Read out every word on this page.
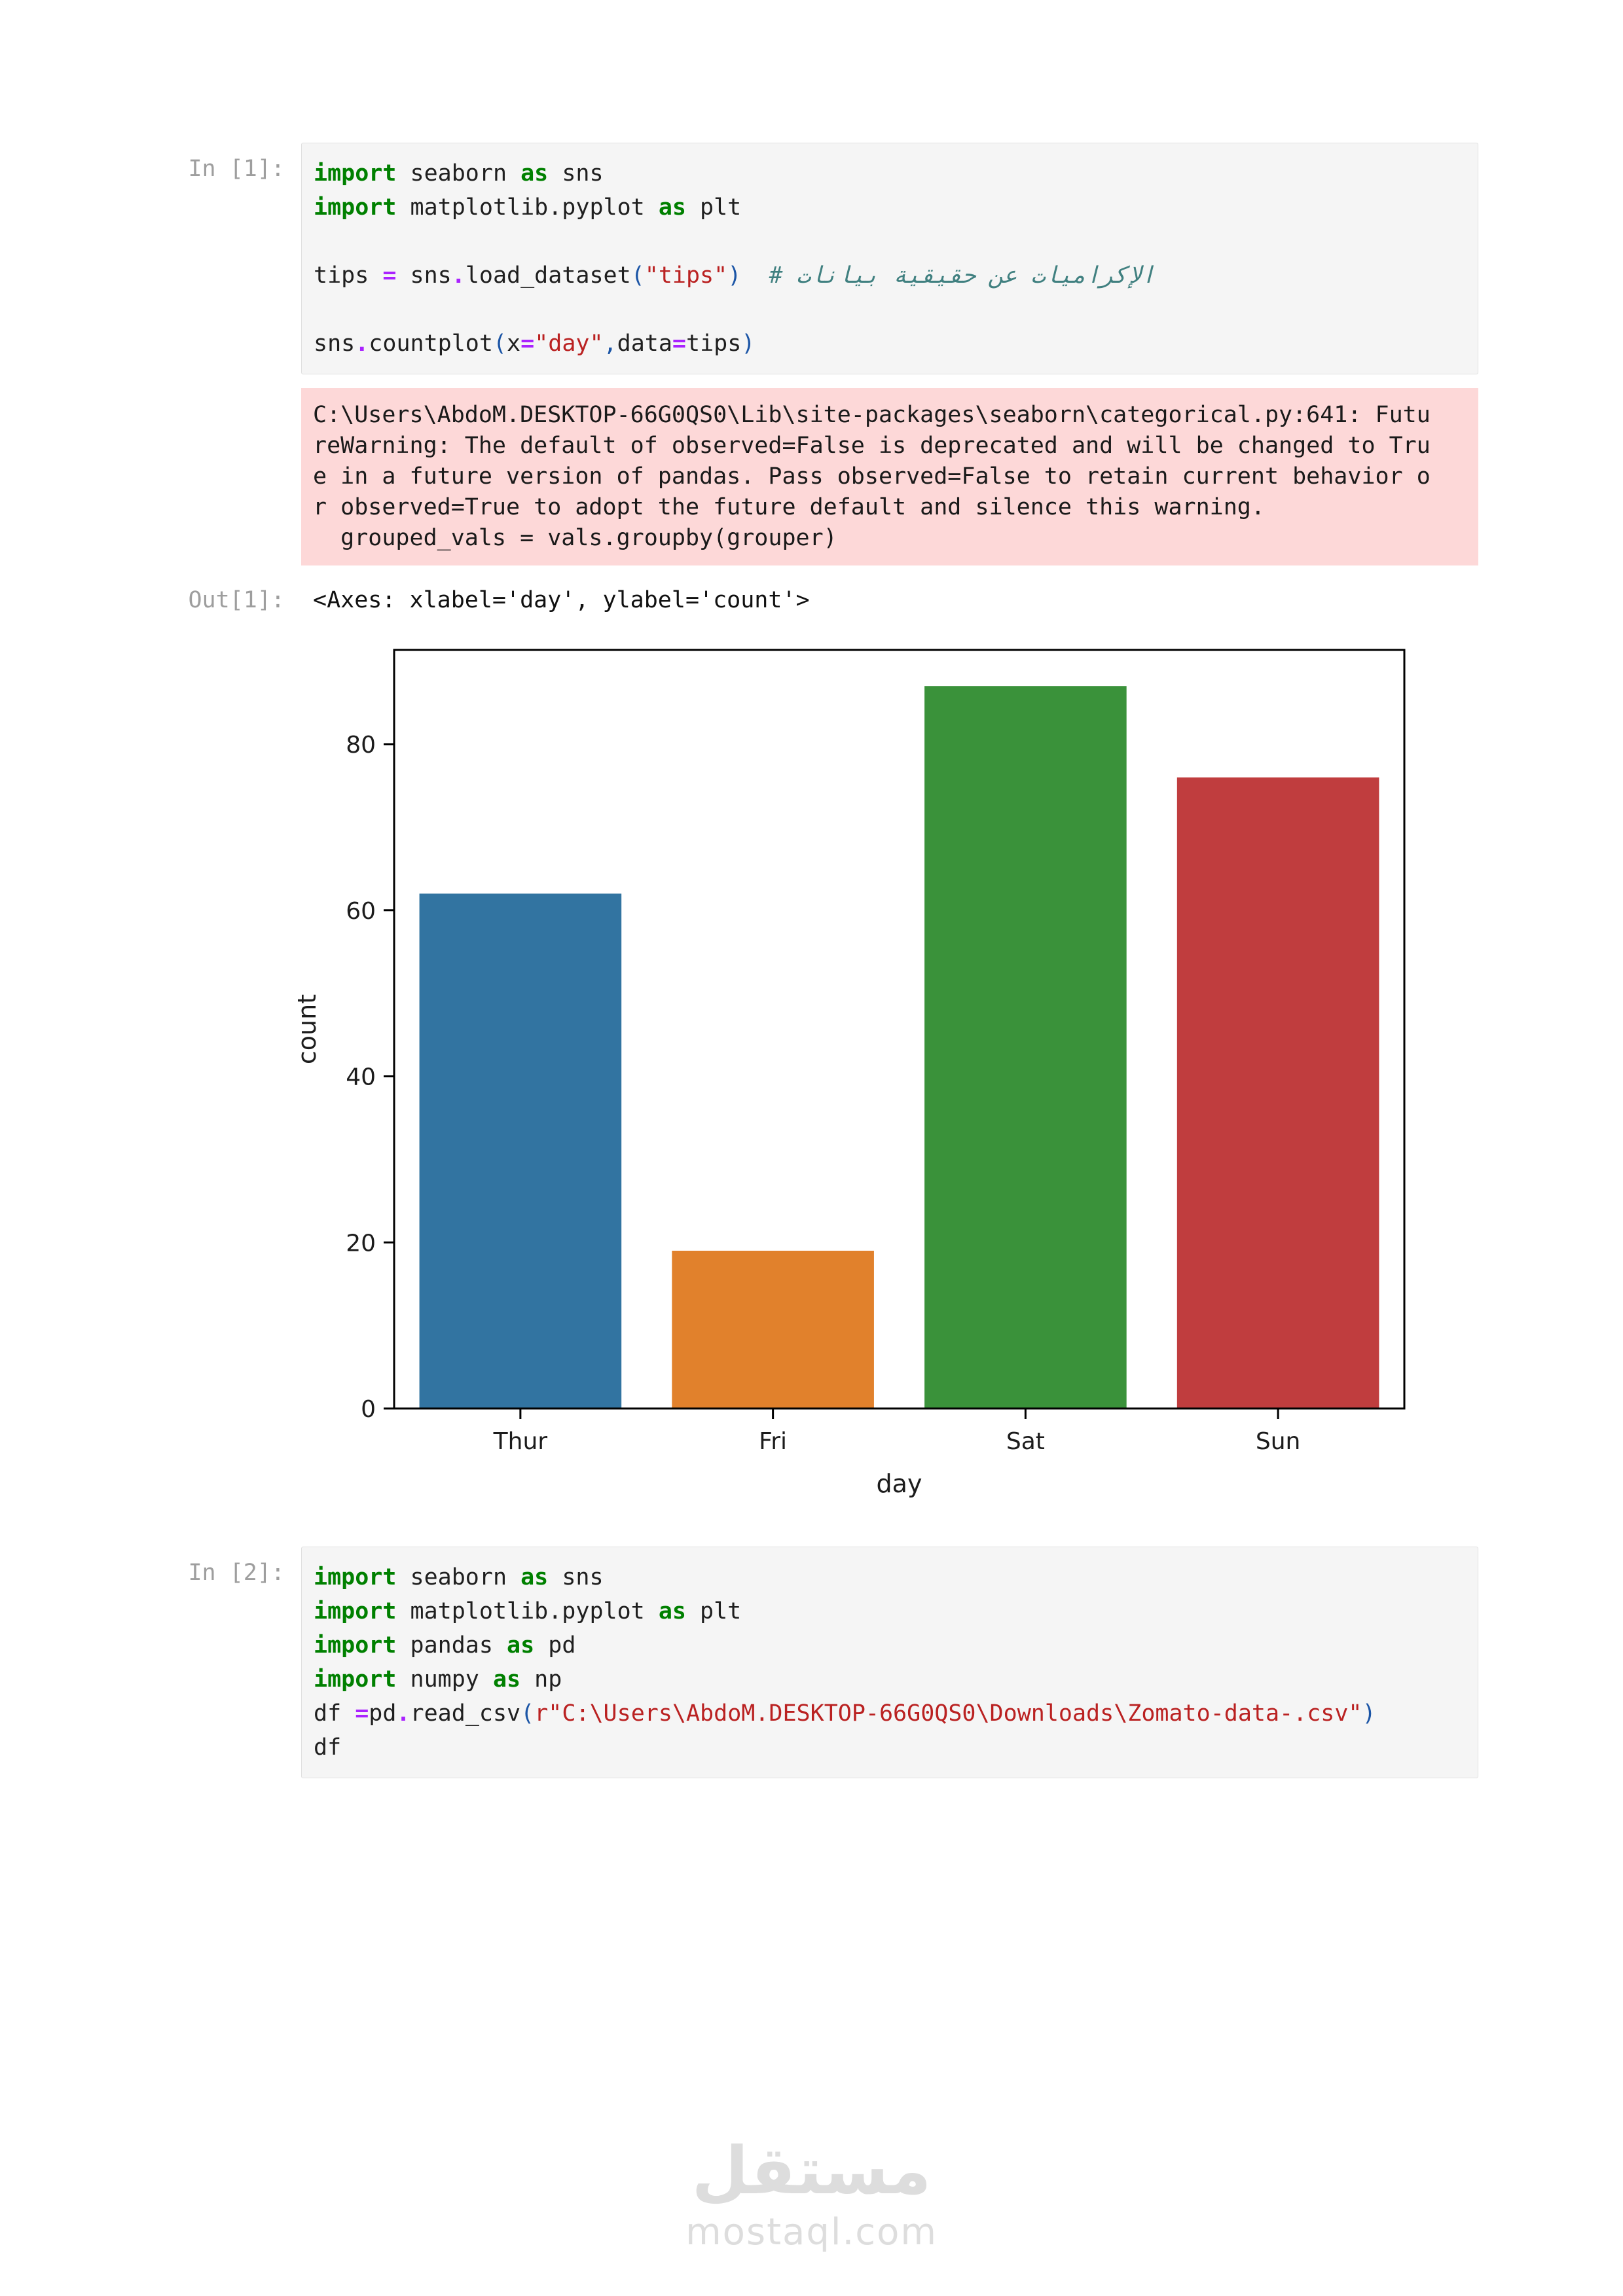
In [1]: import seaborn as sns
import matplotlib.pyplot as plt

tips = sns.load_dataset("tips") # بيانات‎ حقيقية‎ عن‎ الإكراميات

sns.countplot(x="day",data=tips)
C:\Users\AbdoM.DESKTOP-66G0QS0\Lib\site-packages\seaborn\categorical.py:641: Futu
reWarning: The default of observed=False is deprecated and will be changed to Tru
e in a future version of pandas. Pass observed=False to retain current behavior o
r observed=True to adopt the future default and silence this warning.
grouped_vals = vals.groupby(grouper)
Out[1]: <Axes: xlabel='day', ylabel='count'>
0
20
40
60
80
Thur	Fri	Sat	Sun
day
count
In [2]: import seaborn as sns
import matplotlib.pyplot as plt
import pandas as pd
import numpy as np
df =pd.read_csv(r"C:\Users\AbdoM.DESKTOP-66G0QS0\Downloads\Zomato-data-.csv")
df
مستقل
mostaql.com
